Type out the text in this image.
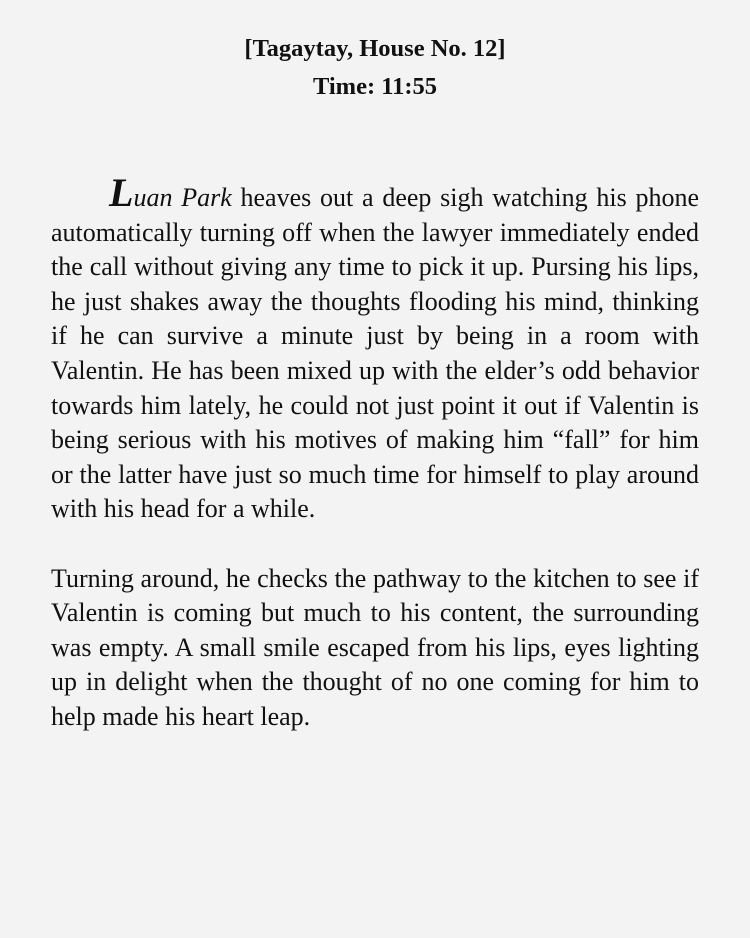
[Tagaytay, House No. 12]
Time: 11:55

Luan Park heaves out a deep sigh watching his phone automatically turning off when the lawyer immediately ended the call without giving any time to pick it up. Pursing his lips, he just shakes away the thoughts flooding his mind, thinking if he can survive a minute just by being in a room with Valentin. He has been mixed up with the elder’s odd behavior towards him lately, he could not just point it out if Valentin is being serious with his motives of making him “fall” for him or the latter have just so much time for himself to play around with his head for a while.

Turning around, he checks the pathway to the kitchen to see if Valentin is coming but much to his content, the surrounding was empty. A small smile escaped from his lips, eyes lighting up in delight when the thought of no one coming for him to help made his heart leap.
